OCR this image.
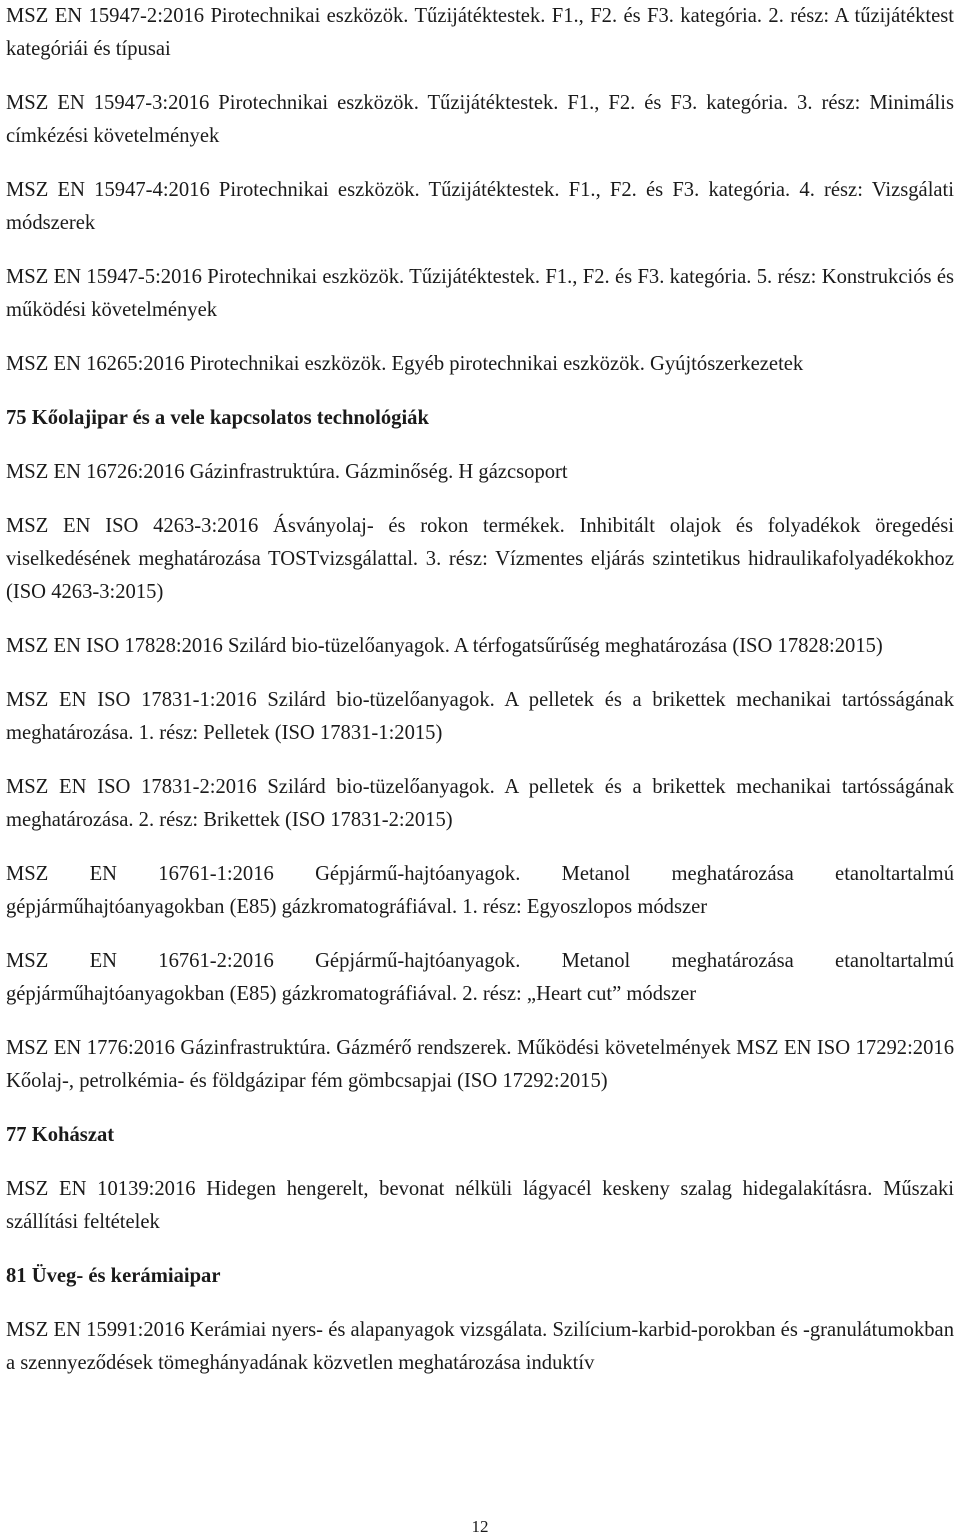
MSZ EN 15947-2:2016 Pirotechnikai eszközök. Tűzijátéktestek. F1., F2. és F3. kategória. 2. rész: A tűzijátéktest kategóriái és típusai

MSZ EN 15947-3:2016 Pirotechnikai eszközök. Tűzijátéktestek. F1., F2. és F3. kategória. 3. rész: Minimális címkézési követelmények

MSZ EN 15947-4:2016 Pirotechnikai eszközök. Tűzijátéktestek. F1., F2. és F3. kategória. 4. rész: Vizsgálati módszerek

MSZ EN 15947-5:2016 Pirotechnikai eszközök. Tűzijátéktestek. F1., F2. és F3. kategória. 5. rész: Konstrukciós és működési követelmények

MSZ EN 16265:2016 Pirotechnikai eszközök. Egyéb pirotechnikai eszközök. Gyújtószerkezetek

75 Kőolajipar és a vele kapcsolatos technológiák

MSZ EN 16726:2016 Gázinfrastruktúra. Gázminőség. H gázcsoport

MSZ EN ISO 4263-3:2016 Ásványolaj- és rokon termékek. Inhibitált olajok és folyadékok öregedési viselkedésének meghatározása TOSTvizsgálattal. 3. rész: Vízmentes eljárás szintetikus hidraulikafolyadékokhoz (ISO 4263-3:2015)

MSZ EN ISO 17828:2016 Szilárd bio-tüzelőanyagok. A térfogatsűrűség meghatározása (ISO 17828:2015)

MSZ EN ISO 17831-1:2016 Szilárd bio-tüzelőanyagok. A pelletek és a brikettek mechanikai tartósságának meghatározása. 1. rész: Pelletek (ISO 17831-1:2015)

MSZ EN ISO 17831-2:2016 Szilárd bio-tüzelőanyagok. A pelletek és a brikettek mechanikai tartósságának meghatározása. 2. rész: Brikettek (ISO 17831-2:2015)

MSZ EN 16761-1:2016 Gépjármű-hajtóanyagok. Metanol meghatározása etanoltartalmú gépjárműhajtóanyagokban (E85) gázkromatográfiával. 1. rész: Egyoszlopos módszer

MSZ EN 16761-2:2016 Gépjármű-hajtóanyagok. Metanol meghatározása etanoltartalmú gépjárműhajtóanyagokban (E85) gázkromatográfiával. 2. rész: „Heart cut” módszer

MSZ EN 1776:2016 Gázinfrastruktúra. Gázmérő rendszerek. Működési követelmények MSZ EN ISO 17292:2016 Kőolaj-, petrolkémia- és földgázipar fém gömbcsapjai (ISO 17292:2015)

77 Kohászat

MSZ EN 10139:2016 Hidegen hengerelt, bevonat nélküli lágyacél keskeny szalag hidegalakításra. Műszaki szállítási feltételek

81 Üveg- és kerámiaipar

MSZ EN 15991:2016 Kerámiai nyers- és alapanyagok vizsgálata. Szilícium-karbid-porokban és -granulátumokban a szennyeződések tömeghányadának közvetlen meghatározása induktív

12
